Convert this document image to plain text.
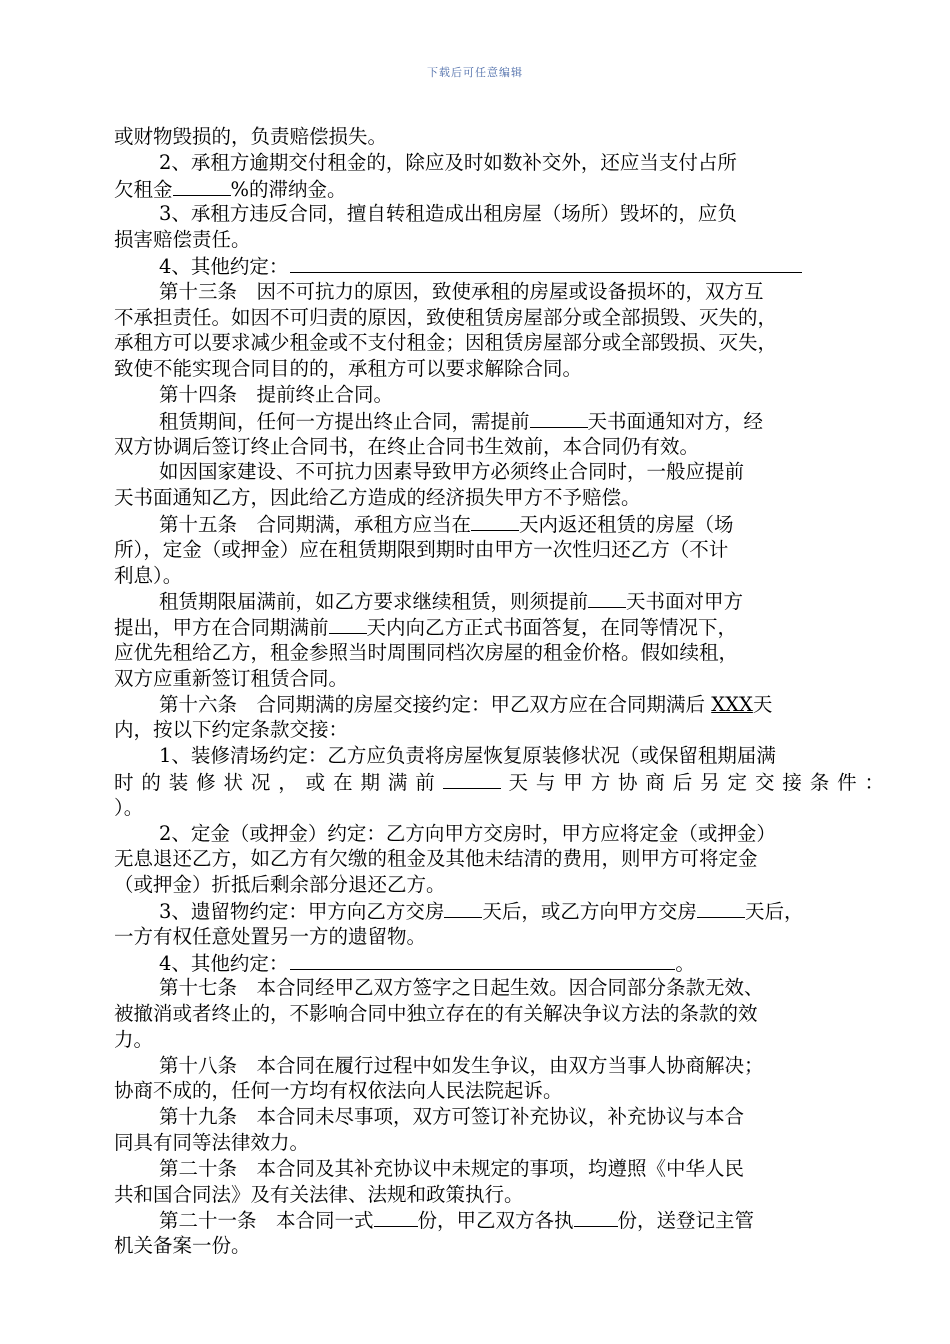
下载后可任意编辑
或财物毁损的，负责赔偿损失。
2、承租方逾期交付租金的，除应及时如数补交外，还应当支付占所
欠租金	%的滞纳金。
3、承租方违反合同，擅自转租造成出租房屋（场所）毁坏的，应负
损害赔偿责任。
4、其他约定：
第十三条　因不可抗力的原因，致使承租的房屋或设备损坏的，双方互
不承担责任。如因不可归责的原因，致使租赁房屋部分或全部损毁、灭失的，
承租方可以要求减少租金或不支付租金；因租赁房屋部分或全部毁损、灭失，
致使不能实现合同目的的，承租方可以要求解除合同。
第十四条　提前终止合同。
租赁期间，任何一方提出终止合同，需提前	天书面通知对方，经
双方协调后签订终止合同书，在终止合同书生效前，本合同仍有效。
如因国家建设、不可抗力因素导致甲方必须终止合同时，一般应提前
天书面通知乙方，因此给乙方造成的经济损失甲方不予赔偿。
第十五条　合同期满，承租方应当在 天内返还租赁的房屋（场
所），定金（或押金）应在租赁期限到期时由甲方一次性归还乙方（不计
利息）。
租赁期限届满前，如乙方要求继续租赁，则须提前 天书面对甲方
提出，甲方在合同期满前 天内向乙方正式书面答复，在同等情况下，
应优先租给乙方，租金参照当时周围同档次房屋的租金价格。假如续租，
双方应重新签订租赁合同。
第十六条　合同期满的房屋交接约定：甲乙双方应在合同期满后 XXX天
内，按以下约定条款交接：
1、装修清场约定：乙方应负责将房屋恢复原装修状况（或保留租期届满
时的装修状况，或在期满前	天与甲方协商后另定交接条件：
）。
2、定金（或押金）约定：乙方向甲方交房时，甲方应将定金（或押金）
无息退还乙方，如乙方有欠缴的租金及其他未结清的费用，则甲方可将定金
（或押金）折抵后剩余部分退还乙方。
3、遗留物约定：甲方向乙方交房 天后，或乙方向甲方交房 天后，
一方有权任意处置另一方的遗留物。
4、其他约定：	。
第十七条　本合同经甲乙双方签字之日起生效。因合同部分条款无效、
被撤消或者终止的，不影响合同中独立存在的有关解决争议方法的条款的效
力。
第十八条　本合同在履行过程中如发生争议，由双方当事人协商解决；
协商不成的，任何一方均有权依法向人民法院起诉。
第十九条　本合同未尽事项，双方可签订补充协议，补充协议与本合
同具有同等法律效力。
第二十条　本合同及其补充协议中未规定的事项，均遵照《中华人民
共和国合同法》及有关法律、法规和政策执行。
第二十一条　本合同一式 份，甲乙双方各执 份，送登记主管
机关备案一份。
